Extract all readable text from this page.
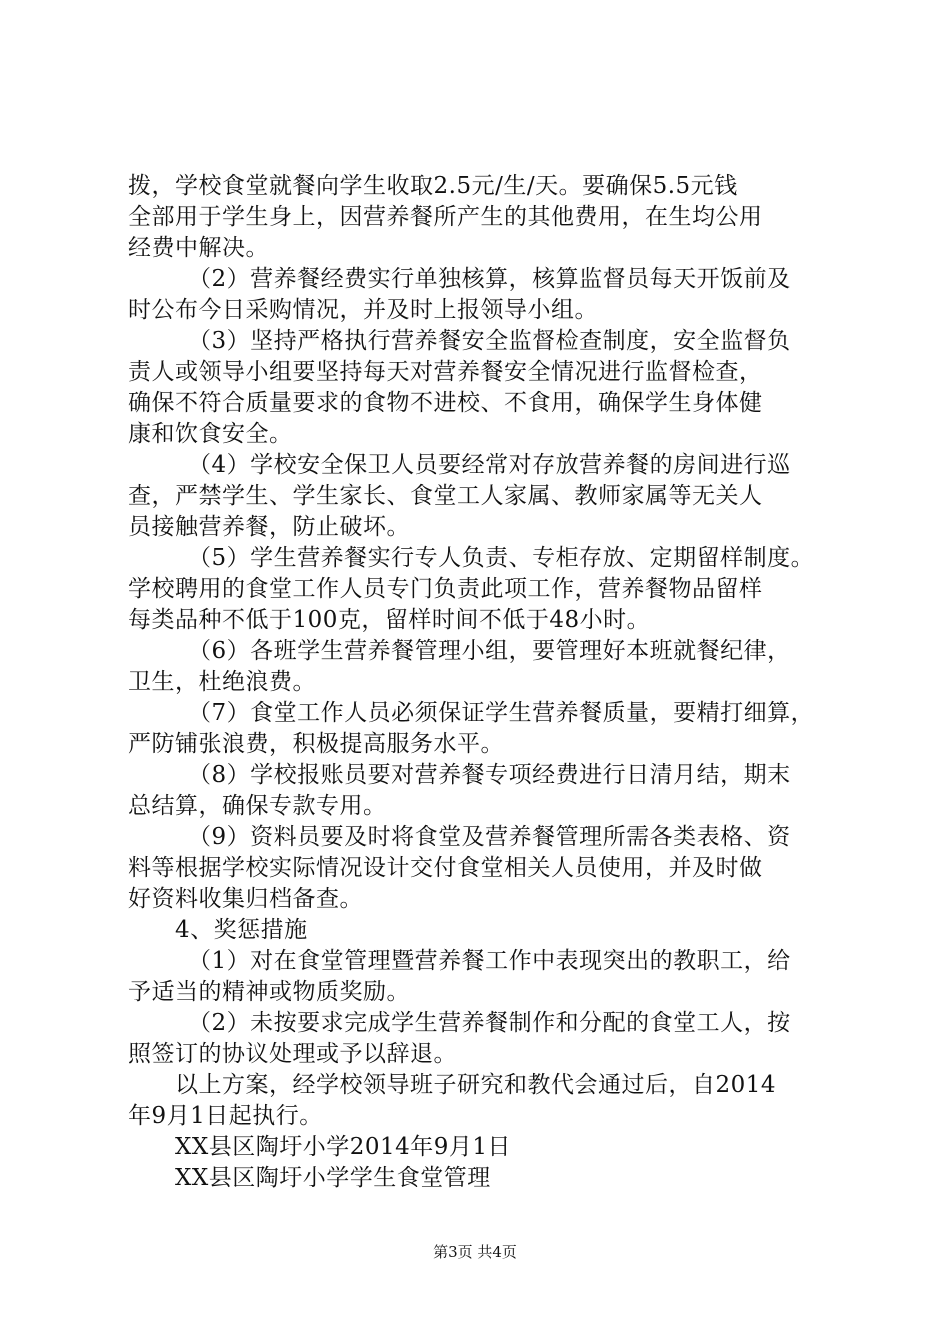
拨，学校食堂就餐向学生收取2.5元/生/天。要确保5.5元钱
全部用于学生身上，因营养餐所产生的其他费用，在生均公用
经费中解决。
（2）营养餐经费实行单独核算，核算监督员每天开饭前及
时公布今日采购情况，并及时上报领导小组。
（3）坚持严格执行营养餐安全监督检查制度，安全监督负
责人或领导小组要坚持每天对营养餐安全情况进行监督检查，
确保不符合质量要求的食物不进校、不食用，确保学生身体健
康和饮食安全。
（4）学校安全保卫人员要经常对存放营养餐的房间进行巡
查，严禁学生、学生家长、食堂工人家属、教师家属等无关人
员接触营养餐，防止破坏。
（5）学生营养餐实行专人负责、专柜存放、定期留样制度。
学校聘用的食堂工作人员专门负责此项工作，营养餐物品留样
每类品种不低于100克，留样时间不低于48小时。
（6）各班学生营养餐管理小组，要管理好本班就餐纪律，
卫生，杜绝浪费。
（7）食堂工作人员必须保证学生营养餐质量，要精打细算，
严防铺张浪费，积极提高服务水平。
（8）学校报账员要对营养餐专项经费进行日清月结，期末
总结算，确保专款专用。
（9）资料员要及时将食堂及营养餐管理所需各类表格、资
料等根据学校实际情况设计交付食堂相关人员使用，并及时做
好资料收集归档备查。
4、奖惩措施
（1）对在食堂管理暨营养餐工作中表现突出的教职工，给
予适当的精神或物质奖励。
（2）未按要求完成学生营养餐制作和分配的食堂工人，按
照签订的协议处理或予以辞退。
以上方案，经学校领导班子研究和教代会通过后，自2014
年9月1日起执行。
XX县区陶圩小学2014年9月1日
XX县区陶圩小学学生食堂管理
第3页 共4页
